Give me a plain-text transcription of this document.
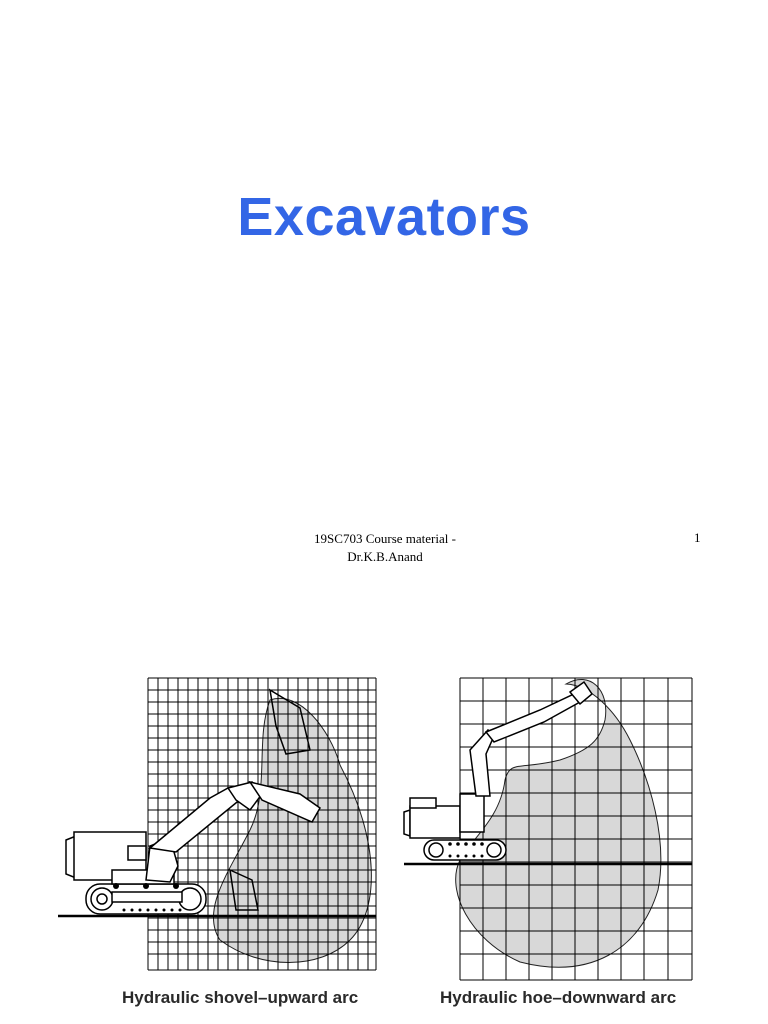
Excavators
19SC703 Course material -
Dr.K.B.Anand
1
Hydraulic shovel–upward arc	Hydraulic hoe–downward arc
